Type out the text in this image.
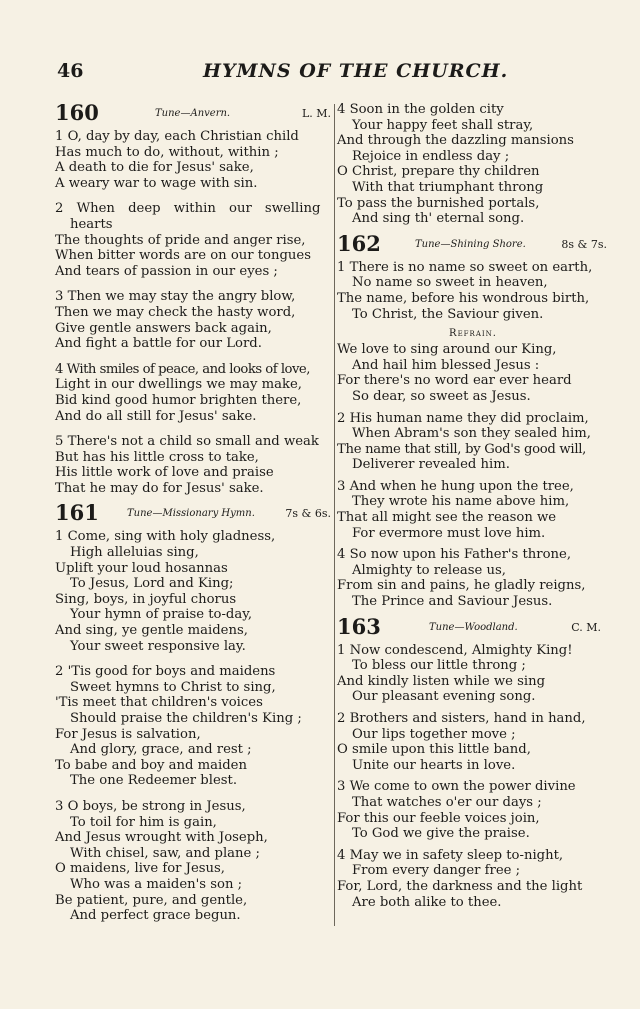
46	HYMNS OF THE CHURCH.
160	Tune—Anvern.	L. M.
1 O, day by day, each Christian child
Has much to do, without, within ;
A death to die for Jesus' sake,
A weary war to wage with sin.
2 When deep within our swelling
hearts
The thoughts of pride and anger rise,
When bitter words are on our tongues
And tears of passion in our eyes ;
3 Then we may stay the angry blow,
Then we may check the hasty word,
Give gentle answers back again,
And fight a battle for our Lord.
4 With smiles of peace, and looks of love,
Light in our dwellings we may make,
Bid kind good humor brighten there,
And do all still for Jesus' sake.
5 There's not a child so small and weak
But has his little cross to take,
His little work of love and praise
That he may do for Jesus' sake.
161	Tune—Missionary Hymn.	7s & 6s.
1 Come, sing with holy gladness,
High alleluias sing,
Uplift your loud hosannas
To Jesus, Lord and King;
Sing, boys, in joyful chorus
Your hymn of praise to-day,
And sing, ye gentle maidens,
Your sweet responsive lay.
2 'Tis good for boys and maidens
Sweet hymns to Christ to sing,
'Tis meet that children's voices
Should praise the children's King ;
For Jesus is salvation,
And glory, grace, and rest ;
To babe and boy and maiden
The one Redeemer blest.
3 O boys, be strong in Jesus,
To toil for him is gain,
And Jesus wrought with Joseph,
With chisel, saw, and plane ;
O maidens, live for Jesus,
Who was a maiden's son ;
Be patient, pure, and gentle,
And perfect grace begun.
4 Soon in the golden city
Your happy feet shall stray,
And through the dazzling mansions
Rejoice in endless day ;
O Christ, prepare thy children
With that triumphant throng
To pass the burnished portals,
And sing th' eternal song.
162	Tune—Shining Shore.	8s & 7s.
1 There is no name so sweet on earth,
No name so sweet in heaven,
The name, before his wondrous birth,
To Christ, the Saviour given.
Refrain.
We love to sing around our King,
And hail him blessed Jesus :
For there's no word ear ever heard
So dear, so sweet as Jesus.
2 His human name they did proclaim,
When Abram's son they sealed him,
The name that still, by God's good will,
Deliverer revealed him.
3 And when he hung upon the tree,
They wrote his name above him,
That all might see the reason we
For evermore must love him.
4 So now upon his Father's throne,
Almighty to release us,
From sin and pains, he gladly reigns,
The Prince and Saviour Jesus.
163	Tune—Woodland.	C. M.
1 Now condescend, Almighty King!
To bless our little throng ;
And kindly listen while we sing
Our pleasant evening song.
2 Brothers and sisters, hand in hand,
Our lips together move ;
O smile upon this little band,
Unite our hearts in love.
3 We come to own the power divine
That watches o'er our days ;
For this our feeble voices join,
To God we give the praise.
4 May we in safety sleep to-night,
From every danger free ;
For, Lord, the darkness and the light
Are both alike to thee.
